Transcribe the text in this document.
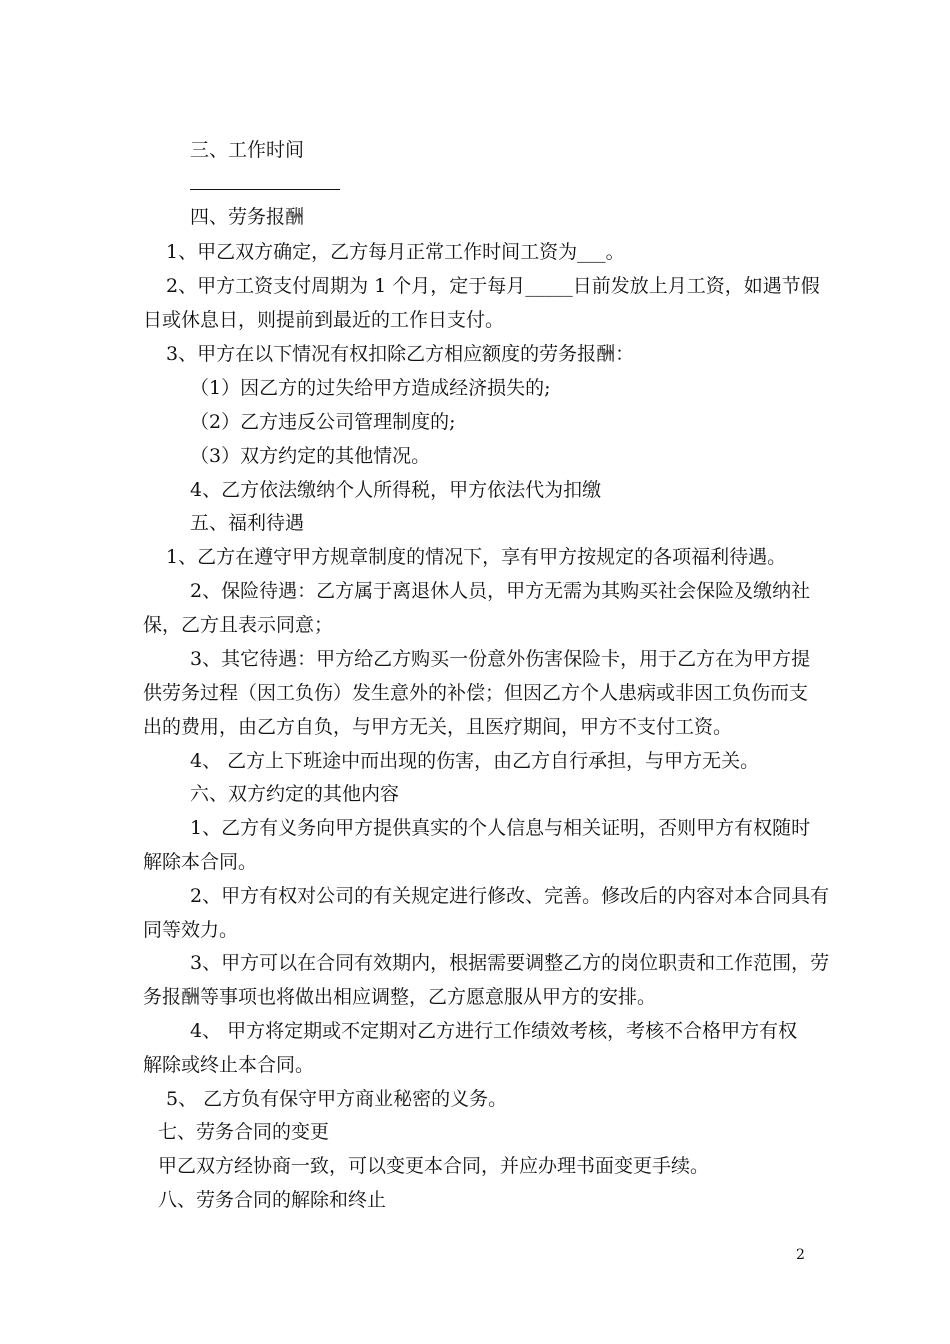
三、工作时间
四、劳务报酬
1、甲乙双方确定，乙方每月正常工作时间工资为___。
2、甲方工资支付周期为 1 个月，定于每月_____日前发放上月工资，如遇节假
日或休息日，则提前到最近的工作日支付。
3、甲方在以下情况有权扣除乙方相应额度的劳务报酬：
（1）因乙方的过失给甲方造成经济损失的;
（2）乙方违反公司管理制度的;
（3）双方约定的其他情况。
4、乙方依法缴纳个人所得税，甲方依法代为扣缴
五、福利待遇
1、乙方在遵守甲方规章制度的情况下，享有甲方按规定的各项福利待遇。
2、保险待遇：乙方属于离退休人员，甲方无需为其购买社会保险及缴纳社
保，乙方且表示同意；
3、其它待遇：甲方给乙方购买一份意外伤害保险卡，用于乙方在为甲方提
供劳务过程（因工负伤）发生意外的补偿；但因乙方个人患病或非因工负伤而支
出的费用，由乙方自负，与甲方无关，且医疗期间，甲方不支付工资。
4、 乙方上下班途中而出现的伤害，由乙方自行承担，与甲方无关。
六、双方约定的其他内容
1、乙方有义务向甲方提供真实的个人信息与相关证明，否则甲方有权随时
解除本合同。
2、甲方有权对公司的有关规定进行修改、完善。修改后的内容对本合同具有
同等效力。
3、甲方可以在合同有效期内，根据需要调整乙方的岗位职责和工作范围，劳
务报酬等事项也将做出相应调整，乙方愿意服从甲方的安排。
4、 甲方将定期或不定期对乙方进行工作绩效考核，考核不合格甲方有权
解除或终止本合同。
5、 乙方负有保守甲方商业秘密的义务。
七、劳务合同的变更
甲乙双方经协商一致，可以变更本合同，并应办理书面变更手续。
八、劳务合同的解除和终止
2
